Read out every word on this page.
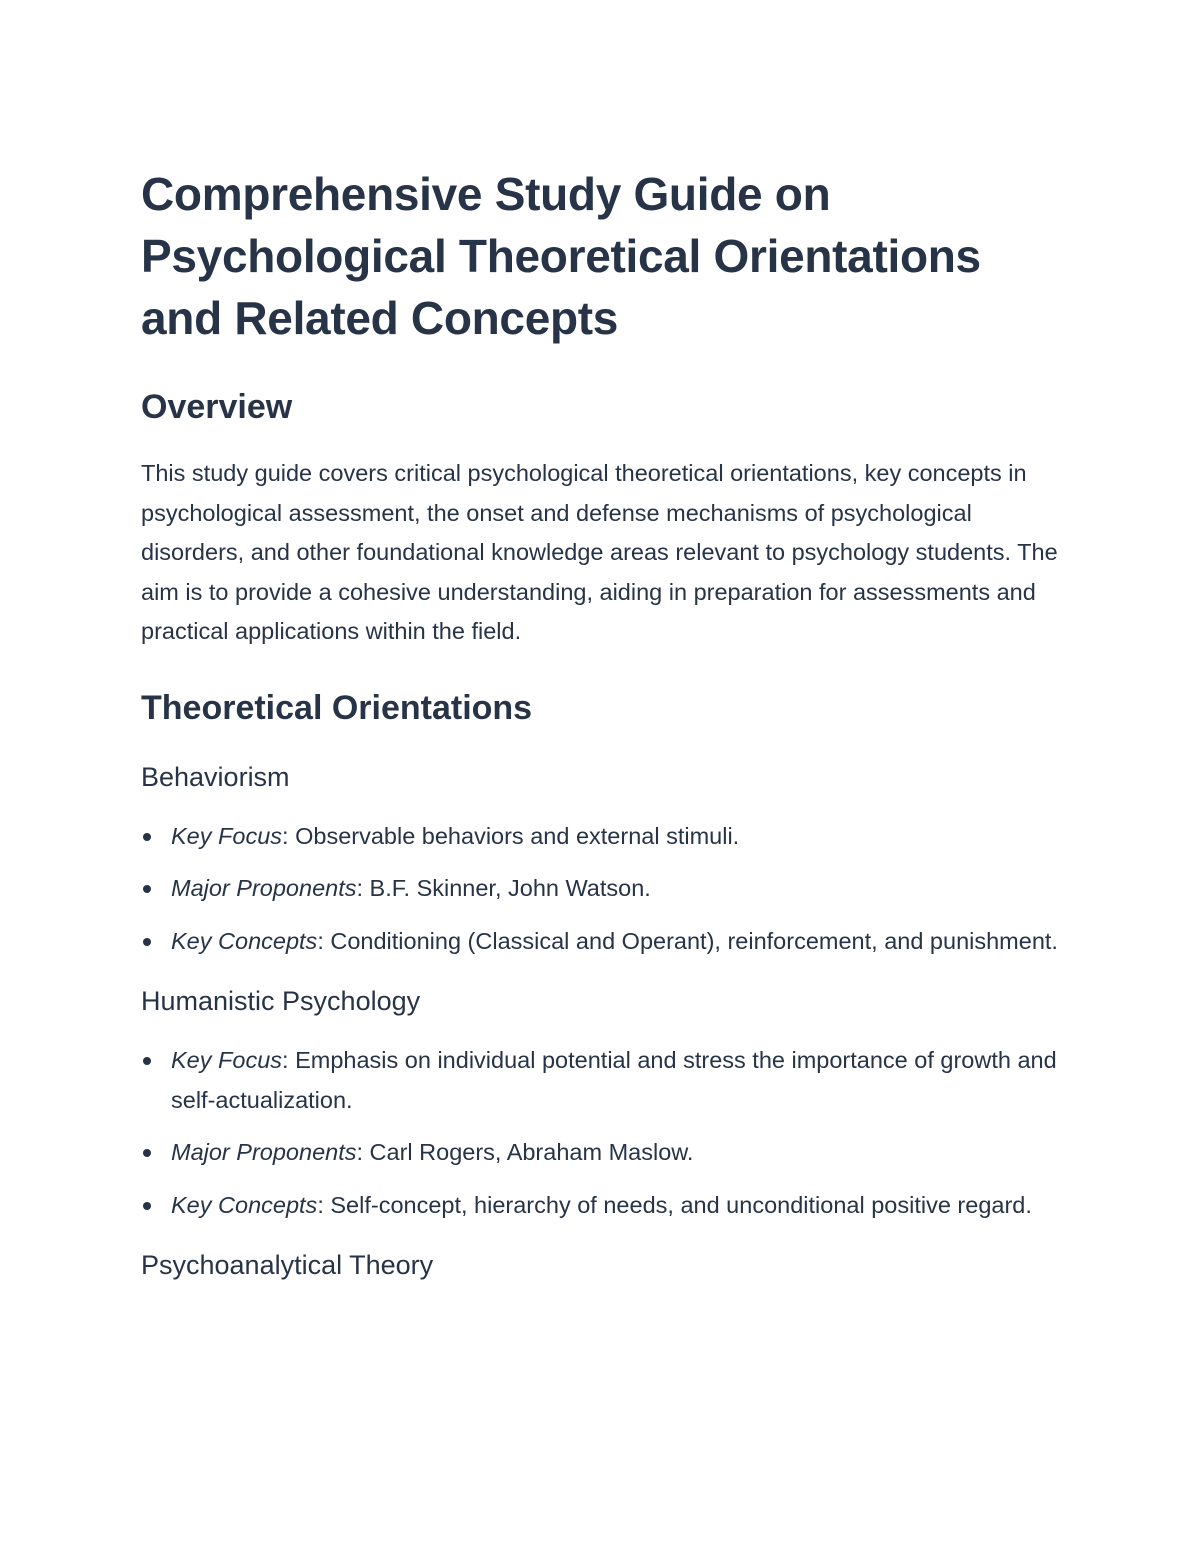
Comprehensive Study Guide on Psychological Theoretical Orientations and Related Concepts
Overview

This study guide covers critical psychological theoretical orientations, key concepts in psychological assessment, the onset and defense mechanisms of psychological disorders, and other foundational knowledge areas relevant to psychology students. The aim is to provide a cohesive understanding, aiding in preparation for assessments and practical applications within the field.

Theoretical Orientations
Behaviorism
Key Focus: Observable behaviors and external stimuli.
Major Proponents: B.F. Skinner, John Watson.
Key Concepts: Conditioning (Classical and Operant), reinforcement, and punishment.
Humanistic Psychology
Key Focus: Emphasis on individual potential and stress the importance of growth and self-actualization.
Major Proponents: Carl Rogers, Abraham Maslow.
Key Concepts: Self-concept, hierarchy of needs, and unconditional positive regard.
Psychoanalytical Theory
